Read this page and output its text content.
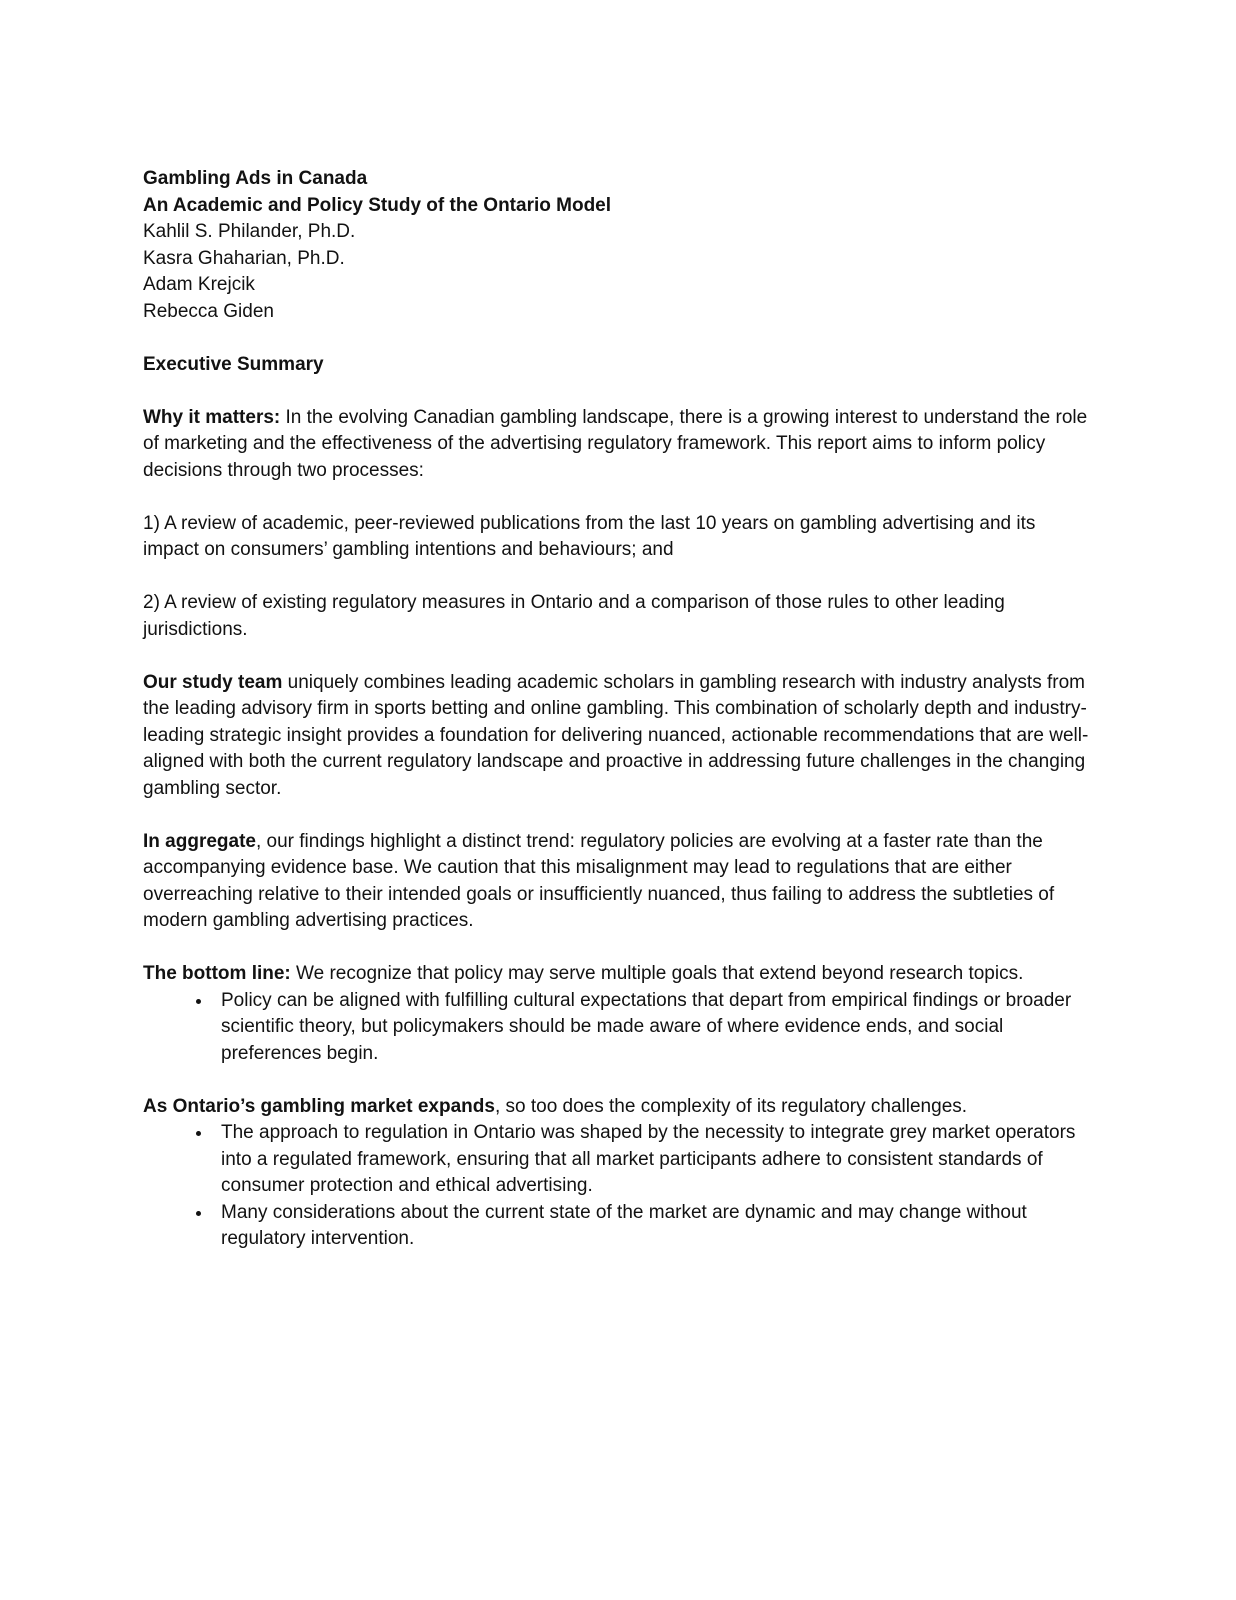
Gambling Ads in Canada

An Academic and Policy Study of the Ontario Model

Kahlil S. Philander, Ph.D.

Kasra Ghaharian, Ph.D.

Adam Krejcik

Rebecca Giden

Executive Summary

Why it matters: In the evolving Canadian gambling landscape, there is a growing interest to understand the role of marketing and the effectiveness of the advertising regulatory framework. This report aims to inform policy decisions through two processes:

1) A review of academic, peer-reviewed publications from the last 10 years on gambling advertising and its impact on consumers’ gambling intentions and behaviours; and

2) A review of existing regulatory measures in Ontario and a comparison of those rules to other leading jurisdictions.

Our study team uniquely combines leading academic scholars in gambling research with industry analysts from the leading advisory firm in sports betting and online gambling. This combination of scholarly depth and industry-leading strategic insight provides a foundation for delivering nuanced, actionable recommendations that are well-aligned with both the current regulatory landscape and proactive in addressing future challenges in the changing gambling sector.

In aggregate, our findings highlight a distinct trend: regulatory policies are evolving at a faster rate than the accompanying evidence base. We caution that this misalignment may lead to regulations that are either overreaching relative to their intended goals or insufficiently nuanced, thus failing to address the subtleties of modern gambling advertising practices.

The bottom line: We recognize that policy may serve multiple goals that extend beyond research topics.

• Policy can be aligned with fulfilling cultural expectations that depart from empirical findings or broader scientific theory, but policymakers should be made aware of where evidence ends, and social preferences begin.

As Ontario’s gambling market expands, so too does the complexity of its regulatory challenges.

• The approach to regulation in Ontario was shaped by the necessity to integrate grey market operators into a regulated framework, ensuring that all market participants adhere to consistent standards of consumer protection and ethical advertising.
• Many considerations about the current state of the market are dynamic and may change without regulatory intervention.
